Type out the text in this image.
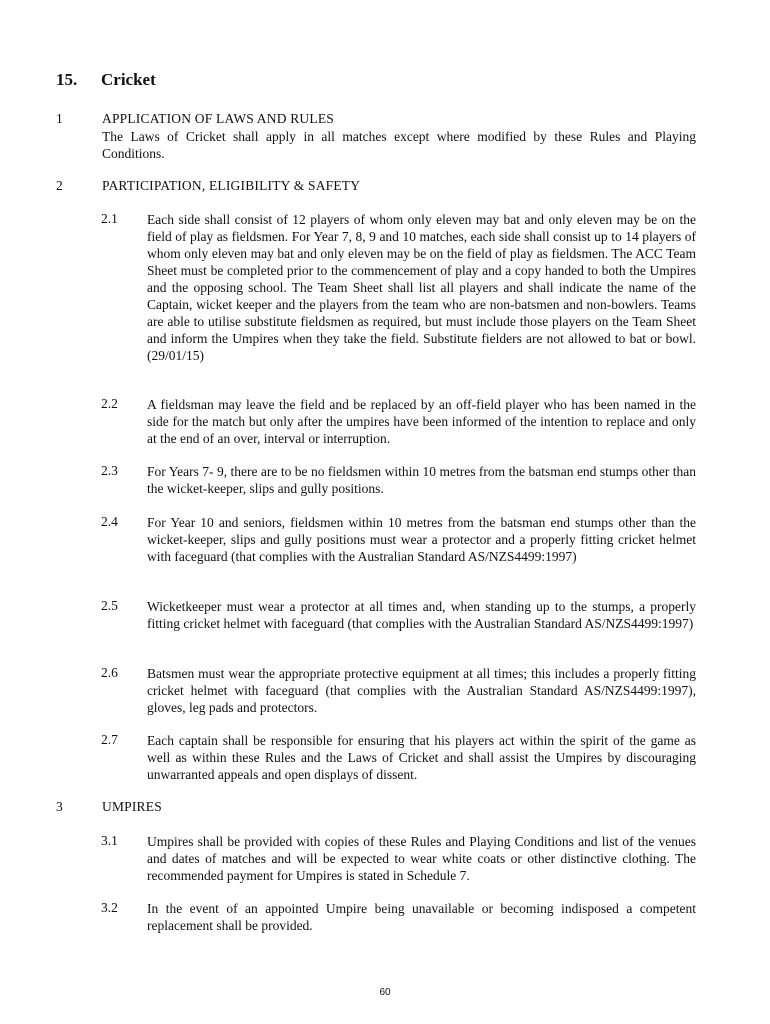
15. Cricket
1	APPLICATION OF LAWS AND RULES
The Laws of Cricket shall apply in all matches except where modified by these Rules and Playing Conditions.
2	PARTICIPATION, ELIGIBILITY & SAFETY
2.1 Each side shall consist of 12 players of whom only eleven may bat and only eleven may be on the field of play as fieldsmen. For Year 7, 8, 9 and 10 matches, each side shall consist up to 14 players of whom only eleven may bat and only eleven may be on the field of play as fieldsmen. The ACC Team Sheet must be completed prior to the commencement of play and a copy handed to both the Umpires and the opposing school. The Team Sheet shall list all players and shall indicate the name of the Captain, wicket keeper and the players from the team who are non-batsmen and non-bowlers. Teams are able to utilise substitute fieldsmen as required, but must include those players on the Team Sheet and inform the Umpires when they take the field. Substitute fielders are not allowed to bat or bowl. (29/01/15)
2.2 A fieldsman may leave the field and be replaced by an off-field player who has been named in the side for the match but only after the umpires have been informed of the intention to replace and only at the end of an over, interval or interruption.
2.3 For Years 7- 9, there are to be no fieldsmen within 10 metres from the batsman end stumps other than the wicket-keeper, slips and gully positions.
2.4 For Year 10 and seniors, fieldsmen within 10 metres from the batsman end stumps other than the wicket-keeper, slips and gully positions must wear a protector and a properly fitting cricket helmet with faceguard (that complies with the Australian Standard AS/NZS4499:1997)
2.5 Wicketkeeper must wear a protector at all times and, when standing up to the stumps, a properly fitting cricket helmet with faceguard (that complies with the Australian Standard AS/NZS4499:1997)
2.6 Batsmen must wear the appropriate protective equipment at all times; this includes a properly fitting cricket helmet with faceguard (that complies with the Australian Standard AS/NZS4499:1997), gloves, leg pads and protectors.
2.7 Each captain shall be responsible for ensuring that his players act within the spirit of the game as well as within these Rules and the Laws of Cricket and shall assist the Umpires by discouraging unwarranted appeals and open displays of dissent.
3	UMPIRES
3.1 Umpires shall be provided with copies of these Rules and Playing Conditions and list of the venues and dates of matches and will be expected to wear white coats or other distinctive clothing. The recommended payment for Umpires is stated in Schedule 7.
3.2 In the event of an appointed Umpire being unavailable or becoming indisposed a competent replacement shall be provided.
60
